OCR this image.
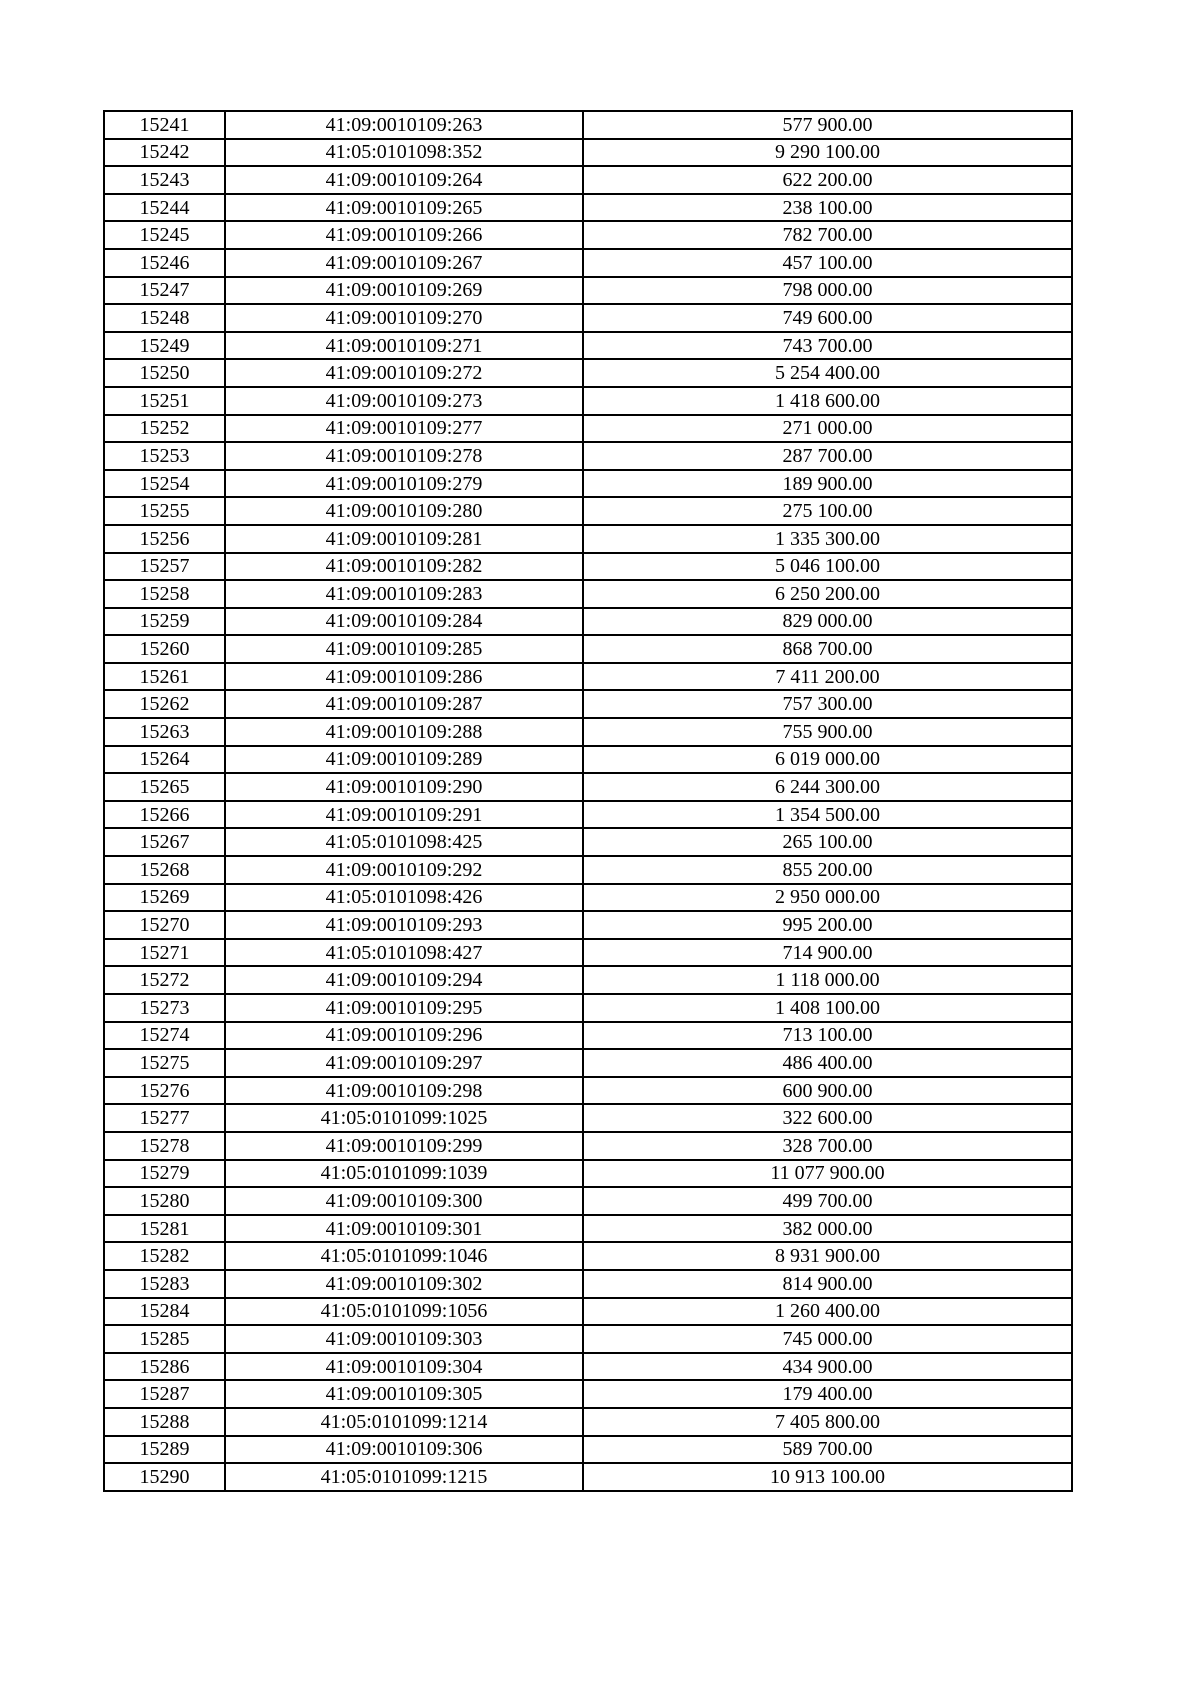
15241	41:09:0010109:263	577 900.00
15242	41:05:0101098:352	9 290 100.00
15243	41:09:0010109:264	622 200.00
15244	41:09:0010109:265	238 100.00
15245	41:09:0010109:266	782 700.00
15246	41:09:0010109:267	457 100.00
15247	41:09:0010109:269	798 000.00
15248	41:09:0010109:270	749 600.00
15249	41:09:0010109:271	743 700.00
15250	41:09:0010109:272	5 254 400.00
15251	41:09:0010109:273	1 418 600.00
15252	41:09:0010109:277	271 000.00
15253	41:09:0010109:278	287 700.00
15254	41:09:0010109:279	189 900.00
15255	41:09:0010109:280	275 100.00
15256	41:09:0010109:281	1 335 300.00
15257	41:09:0010109:282	5 046 100.00
15258	41:09:0010109:283	6 250 200.00
15259	41:09:0010109:284	829 000.00
15260	41:09:0010109:285	868 700.00
15261	41:09:0010109:286	7 411 200.00
15262	41:09:0010109:287	757 300.00
15263	41:09:0010109:288	755 900.00
15264	41:09:0010109:289	6 019 000.00
15265	41:09:0010109:290	6 244 300.00
15266	41:09:0010109:291	1 354 500.00
15267	41:05:0101098:425	265 100.00
15268	41:09:0010109:292	855 200.00
15269	41:05:0101098:426	2 950 000.00
15270	41:09:0010109:293	995 200.00
15271	41:05:0101098:427	714 900.00
15272	41:09:0010109:294	1 118 000.00
15273	41:09:0010109:295	1 408 100.00
15274	41:09:0010109:296	713 100.00
15275	41:09:0010109:297	486 400.00
15276	41:09:0010109:298	600 900.00
15277	41:05:0101099:1025	322 600.00
15278	41:09:0010109:299	328 700.00
15279	41:05:0101099:1039	11 077 900.00
15280	41:09:0010109:300	499 700.00
15281	41:09:0010109:301	382 000.00
15282	41:05:0101099:1046	8 931 900.00
15283	41:09:0010109:302	814 900.00
15284	41:05:0101099:1056	1 260 400.00
15285	41:09:0010109:303	745 000.00
15286	41:09:0010109:304	434 900.00
15287	41:09:0010109:305	179 400.00
15288	41:05:0101099:1214	7 405 800.00
15289	41:09:0010109:306	589 700.00
15290	41:05:0101099:1215	10 913 100.00
